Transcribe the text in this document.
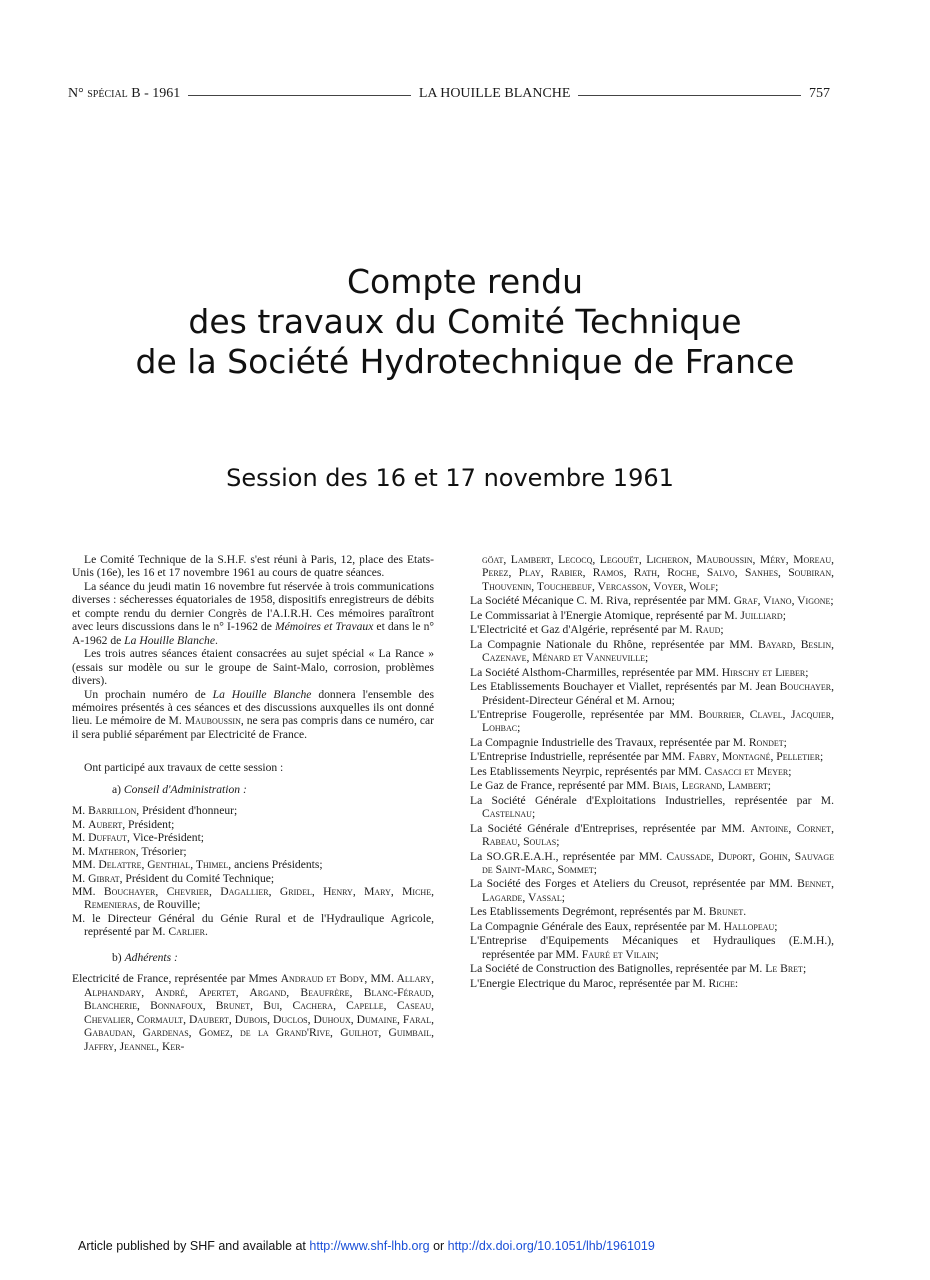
N° spécial B - 1961	LA HOUILLE BLANCHE	757
Compte rendu
des travaux du Comité Technique
de la Société Hydrotechnique de France
Session des 16 et 17 novembre 1961

Le Comité Technique de la S.H.F. s'est réuni à Paris, 12, place des Etats-Unis (16e), les 16 et 17 novembre 1961 au cours de quatre séances.

La séance du jeudi matin 16 novembre fut réservée à trois communications diverses : sécheresses équatoriales de 1958, dispositifs enregistreurs de débits et compte rendu du dernier Congrès de l'A.I.R.H. Ces mémoires paraîtront avec leurs discussions dans le n° I-1962 de Mémoires et Travaux et dans le n° A-1962 de La Houille Blanche.

Les trois autres séances étaient consacrées au sujet spécial « La Rance » (essais sur modèle ou sur le groupe de Saint-Malo, corrosion, problèmes divers).

Un prochain numéro de La Houille Blanche donnera l'ensemble des mémoires présentés à ces séances et des discussions auxquelles ils ont donné lieu. Le mémoire de M. Mauboussin, ne sera pas compris dans ce numéro, car il sera publié séparément par Electricité de France.

Ont participé aux travaux de cette session :

a) Conseil d'Administration :

M. Barrillon, Président d'honneur;

M. Aubert, Président;

M. Duffaut, Vice-Président;

M. Matheron, Trésorier;

MM. Delattre, Genthial, Thimel, anciens Présidents;

M. Gibrat, Président du Comité Technique;

MM. Bouchayer, Chevrier, Dagallier, Gridel, Henry, Mary, Miche, Remenieras, de Rouville;

M. le Directeur Général du Génie Rural et de l'Hydraulique Agricole, représenté par M. Carlier.

b) Adhérents :

Electricité de France, représentée par Mmes Andraud et Body, MM. Allary, Alphandary, André, Apertet, Argand, Beaufrère, Blanc-Féraud, Blancherie, Bonnafoux, Brunet, Bui, Cachera, Capelle, Caseau, Chevalier, Cormault, Daubert, Dubois, Duclos, Duhoux, Dumaine, Faral, Gabaudan, Gardenas, Gomez, de la Grand'Rive, Guilhot, Guimbail, Jaffry, Jeannel, Ker-

göat, Lambert, Lecocq, Legouët, Licheron, Mauboussin, Méry, Moreau, Perez, Play, Rabier, Ramos, Rath, Roche, Salvo, Sanhes, Soubiran, Thouvenin, Touchebeuf, Vercasson, Voyer, Wolf;

La Société Mécanique C. M. Riva, représentée par MM. Graf, Viano, Vigone;

Le Commissariat à l'Energie Atomique, représenté par M. Juilliard;

L'Electricité et Gaz d'Algérie, représenté par M. Raud;

La Compagnie Nationale du Rhône, représentée par MM. Bayard, Beslin, Cazenave, Ménard et Vanneuville;

La Société Alsthom-Charmilles, représentée par MM. Hirschy et Lieber;

Les Etablissements Bouchayer et Viallet, représentés par M. Jean Bouchayer, Président-Directeur Général et M. Arnou;

L'Entreprise Fougerolle, représentée par MM. Bourrier, Clavel, Jacquier, Lohbac;

La Compagnie Industrielle des Travaux, représentée par M. Rondet;

L'Entreprise Industrielle, représentée par MM. Fabry, Montagné, Pelletier;

Les Etablissements Neyrpic, représentés par MM. Casacci et Meyer;

Le Gaz de France, représenté par MM. Biais, Legrand, Lambert;

La Société Générale d'Exploitations Industrielles, représentée par M. Castelnau;

La Société Générale d'Entreprises, représentée par MM. Antoine, Cornet, Rabeau, Soulas;

La SO.GR.E.A.H., représentée par MM. Caussade, Duport, Gohin, Sauvage de Saint-Marc, Sommet;

La Société des Forges et Ateliers du Creusot, représentée par MM. Bennet, Lagarde, Vassal;

Les Etablissements Degrémont, représentés par M. Brunet.

La Compagnie Générale des Eaux, représentée par M. Hallopeau;

L'Entreprise d'Equipements Mécaniques et Hydrauliques (E.M.H.), représentée par MM. Fauré et Vilain;

La Société de Construction des Batignolles, représentée par M. Le Bret;

L'Energie Electrique du Maroc, représentée par M. Riche:

Article published by SHF and available at http://www.shf-lhb.org or http://dx.doi.org/10.1051/lhb/1961019
